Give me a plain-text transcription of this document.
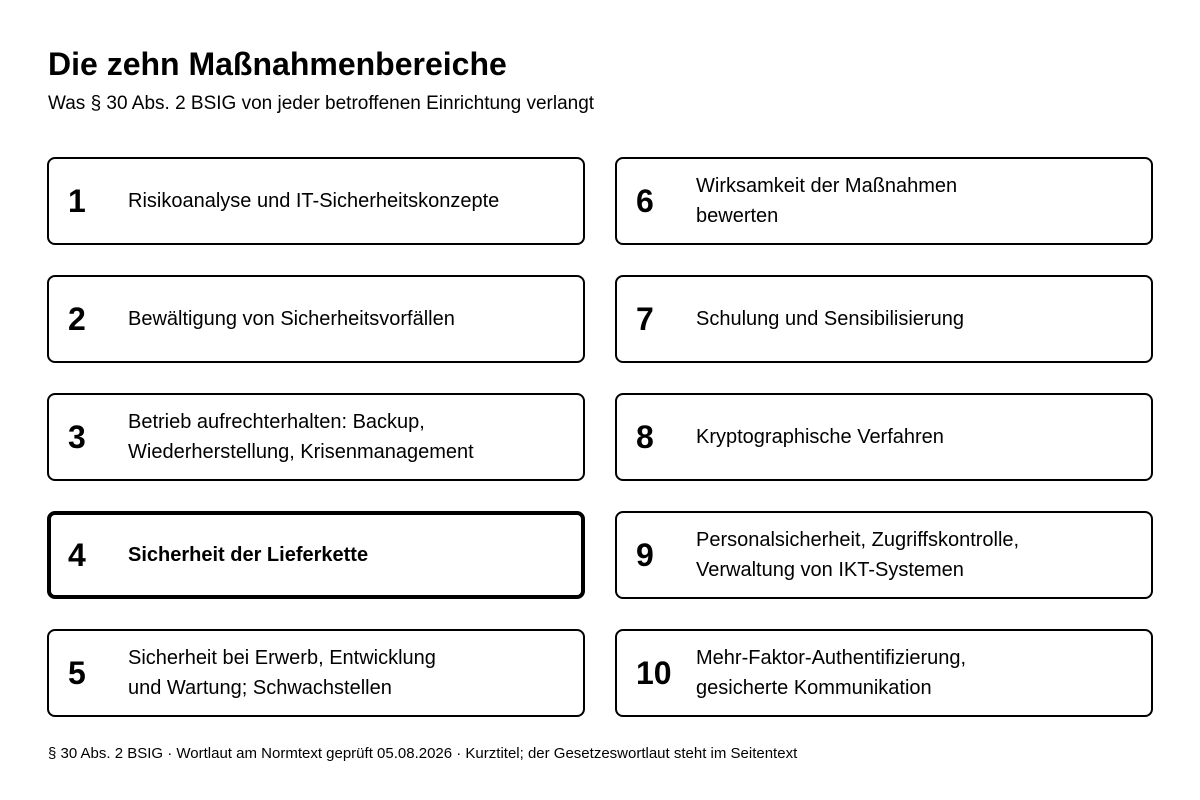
Die zehn Maßnahmenbereiche

Was § 30 Abs. 2 BSIG von jeder betroffenen Einrichtung verlangt

1	Risikoanalyse und IT-Sicherheitskonzepte
2	Bewältigung von Sicherheitsvorfällen
3	Betrieb aufrechterhalten: Backup,
Wiederherstellung, Krisenmanagement
4	Sicherheit der Lieferkette
5	Sicherheit bei Erwerb, Entwicklung
und Wartung; Schwachstellen
6	Wirksamkeit der Maßnahmen
bewerten
7	Schulung und Sensibilisierung
8	Kryptographische Verfahren
9	Personalsicherheit, Zugriffskontrolle,
Verwaltung von IKT-Systemen
10	Mehr-Faktor-Authentifizierung,
gesicherte Kommunikation

§ 30 Abs. 2 BSIG · Wortlaut am Normtext geprüft 05.08.2026 · Kurztitel; der Gesetzeswortlaut steht im Seitentext
